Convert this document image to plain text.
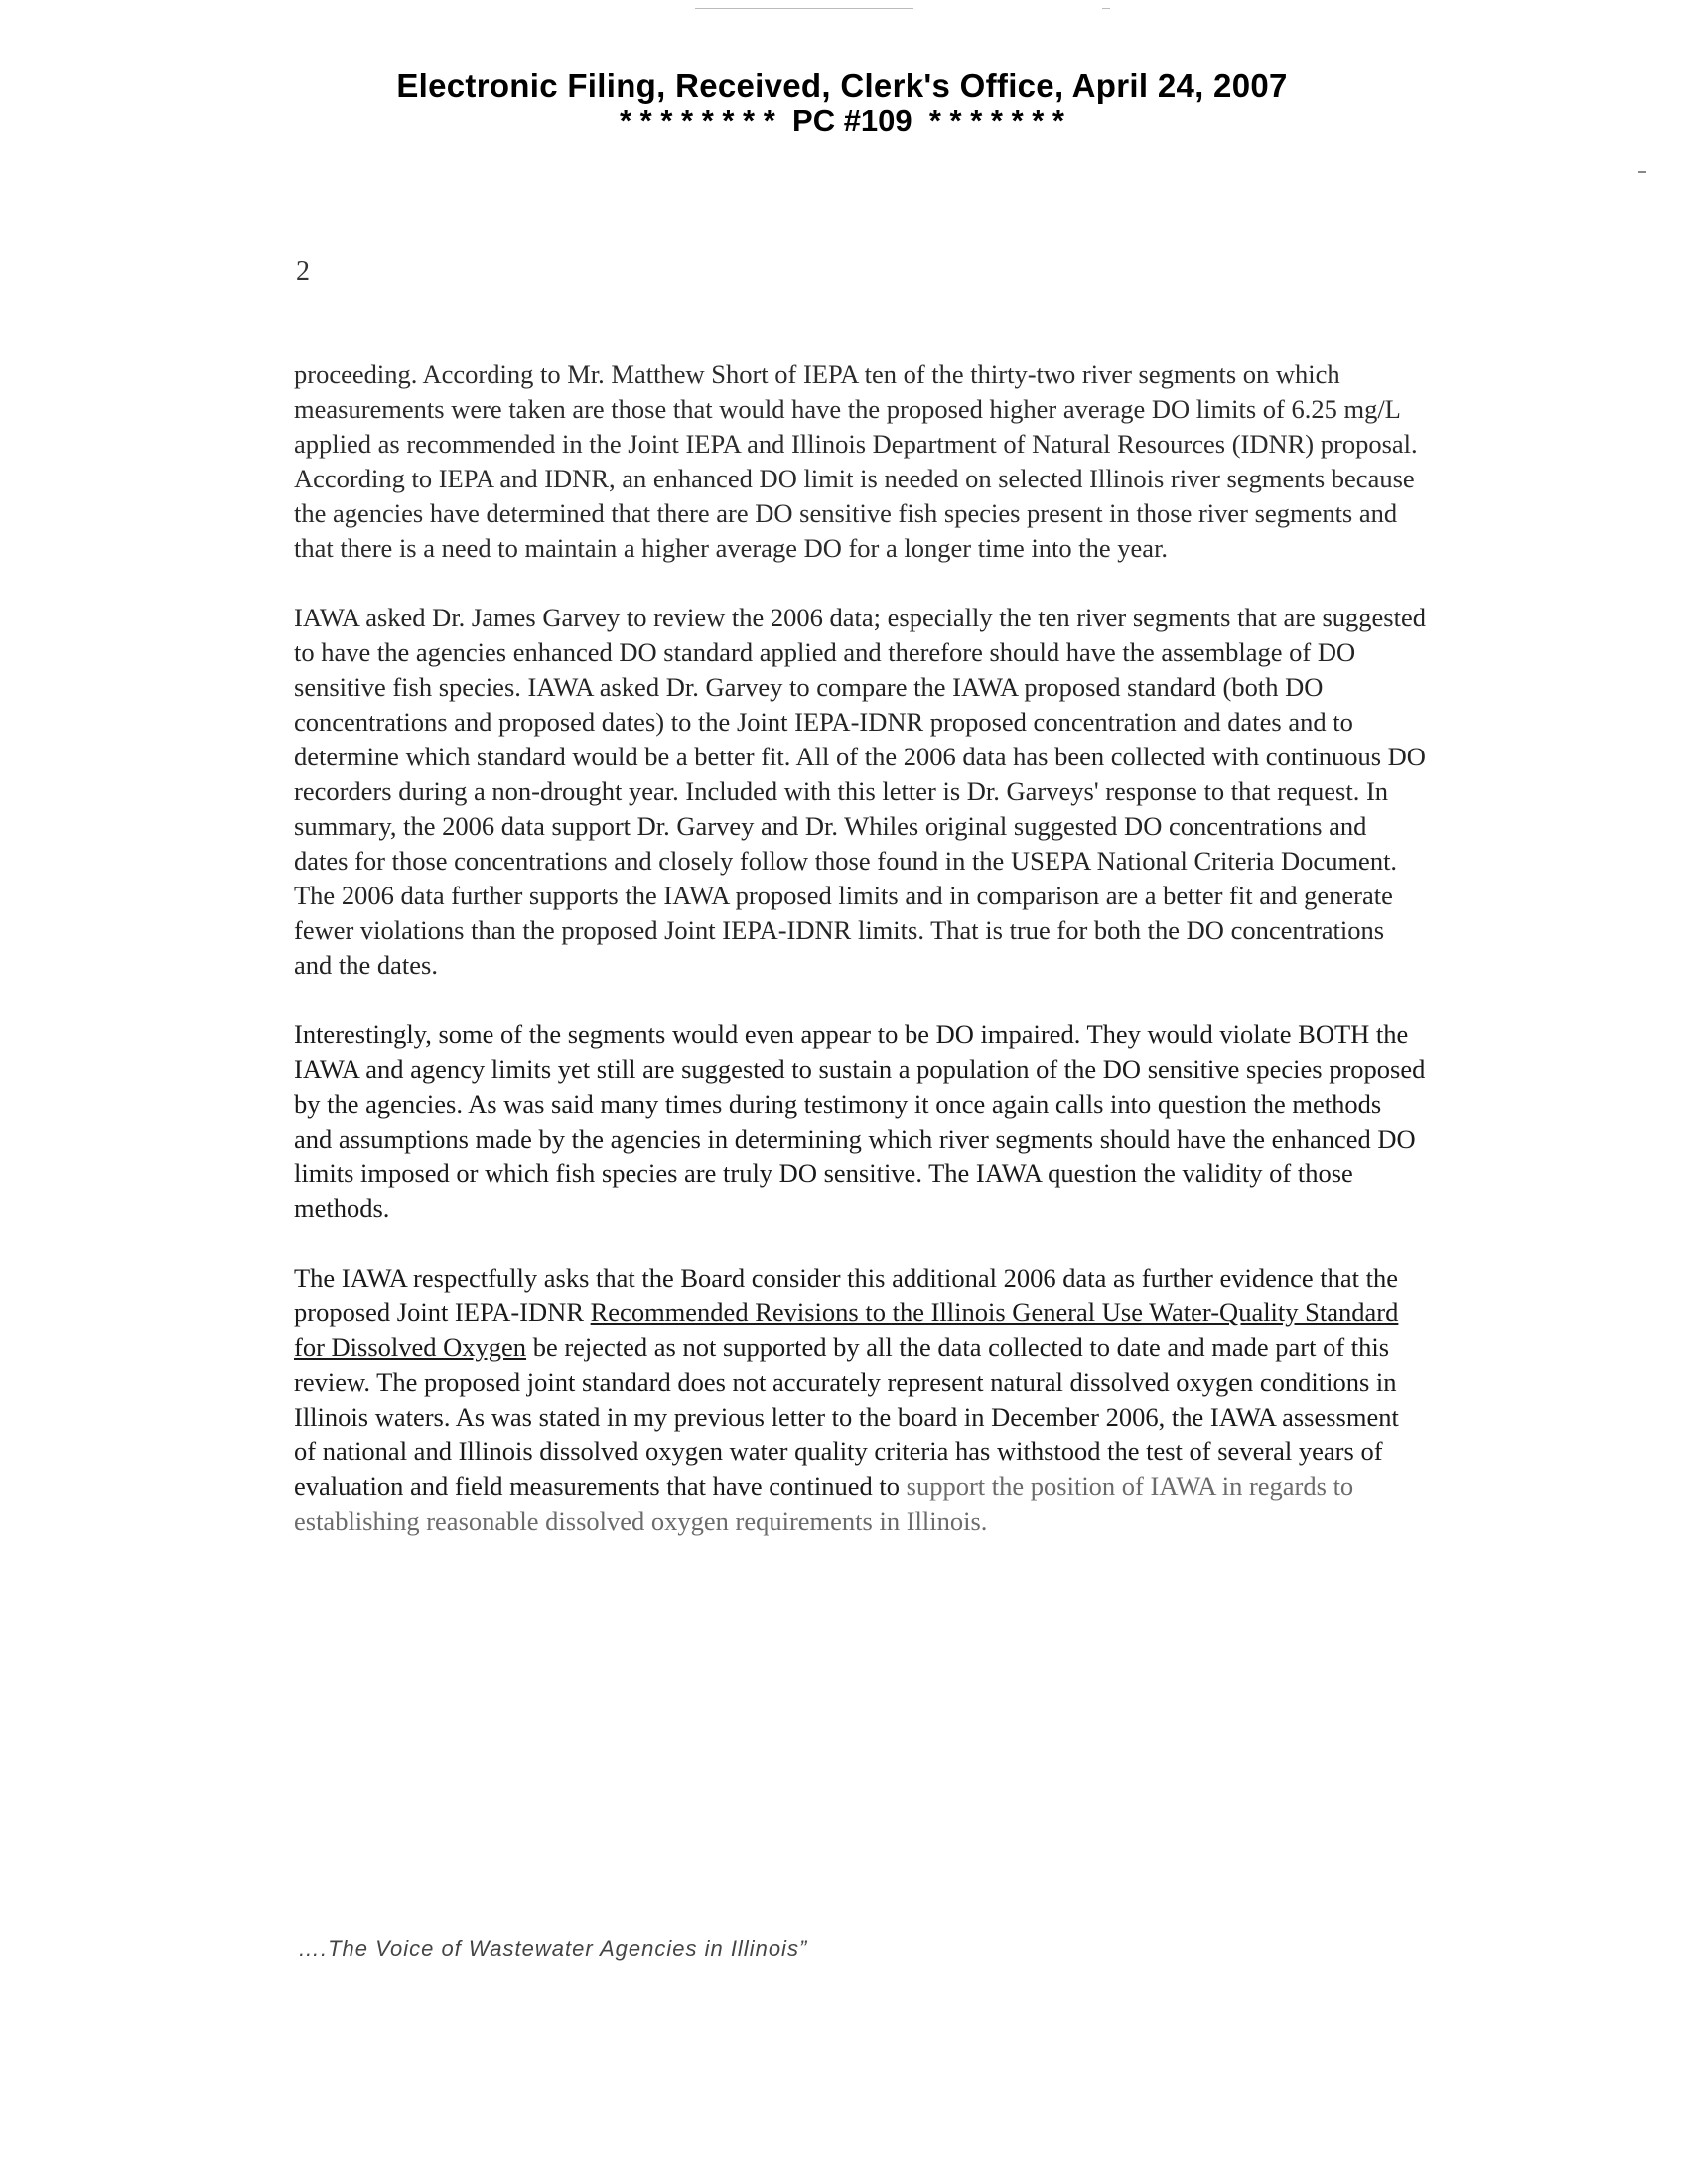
Electronic Filing, Received, Clerk's Office, April 24, 2007
* * * * * * * *  PC #109  * * * * * * *
2

proceeding. According to Mr. Matthew Short of IEPA ten of the thirty-two river segments on which measurements were taken are those that would have the proposed higher average DO limits of 6.25 mg/L applied as recommended in the Joint IEPA and Illinois Department of Natural Resources (IDNR) proposal. According to IEPA and IDNR, an enhanced DO limit is needed on selected Illinois river segments because the agencies have determined that there are DO sensitive fish species present in those river segments and that there is a need to maintain a higher average DO for a longer time into the year.

IAWA asked Dr. James Garvey to review the 2006 data; especially the ten river segments that are suggested to have the agencies enhanced DO standard applied and therefore should have the assemblage of DO sensitive fish species. IAWA asked Dr. Garvey to compare the IAWA proposed standard (both DO concentrations and proposed dates) to the Joint IEPA-IDNR proposed concentration and dates and to determine which standard would be a better fit. All of the 2006 data has been collected with continuous DO recorders during a non-drought year. Included with this letter is Dr. Garveys' response to that request. In summary, the 2006 data support Dr. Garvey and Dr. Whiles original suggested DO concentrations and dates for those concentrations and closely follow those found in the USEPA National Criteria Document. The 2006 data further supports the IAWA proposed limits and in comparison are a better fit and generate fewer violations than the proposed Joint IEPA-IDNR limits. That is true for both the DO concentrations and the dates.

Interestingly, some of the segments would even appear to be DO impaired. They would violate BOTH the IAWA and agency limits yet still are suggested to sustain a population of the DO sensitive species proposed by the agencies. As was said many times during testimony it once again calls into question the methods and assumptions made by the agencies in determining which river segments should have the enhanced DO limits imposed or which fish species are truly DO sensitive. The IAWA question the validity of those methods.

The IAWA respectfully asks that the Board consider this additional 2006 data as further evidence that the proposed Joint IEPA-IDNR Recommended Revisions to the Illinois General Use Water-Quality Standard for Dissolved Oxygen be rejected as not supported by all the data collected to date and made part of this review. The proposed joint standard does not accurately represent natural dissolved oxygen conditions in Illinois waters. As was stated in my previous letter to the board in December 2006, the IAWA assessment of national and Illinois dissolved oxygen water quality criteria has withstood the test of several years of evaluation and field measurements that have continued to support the position of IAWA in regards to establishing reasonable dissolved oxygen requirements in Illinois.

….The Voice of Wastewater Agencies in Illinois”
